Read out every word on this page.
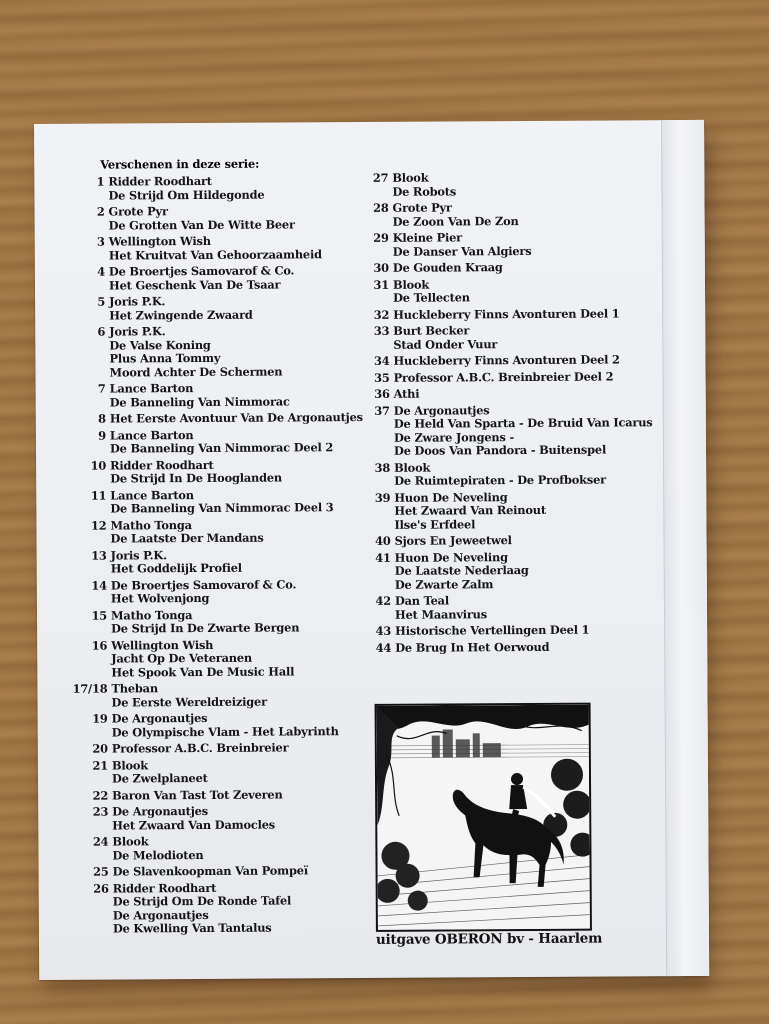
Verschenen in deze serie:
1 Ridder Roodhart
De Strijd Om Hildegonde
2 Grote Pyr
De Grotten Van De Witte Beer
3 Wellington Wish
Het Kruitvat Van Gehoorzaamheid
4 De Broertjes Samovarof & Co.
Het Geschenk Van De Tsaar
5 Joris P.K.
Het Zwingende Zwaard
6 Joris P.K.
De Valse Koning
Plus Anna Tommy
Moord Achter De Schermen
7 Lance Barton
De Banneling Van Nimmorac
8 Het Eerste Avontuur Van De Argonautjes
9 Lance Barton
De Banneling Van Nimmorac Deel 2
10 Ridder Roodhart
De Strijd In De Hooglanden
11 Lance Barton
De Banneling Van Nimmorac Deel 3
12 Matho Tonga
De Laatste Der Mandans
13 Joris P.K.
Het Goddelijk Profiel
14 De Broertjes Samovarof & Co.
Het Wolvenjong
15 Matho Tonga
De Strijd In De Zwarte Bergen
16 Wellington Wish
Jacht Op De Veteranen
Het Spook Van De Music Hall
17/18 Theban
De Eerste Wereldreiziger
19 De Argonautjes
De Olympische Vlam - Het Labyrinth
20 Professor A.B.C. Breinbreier
21 Blook
De Zwelplaneet
22 Baron Van Tast Tot Zeveren
23 De Argonautjes
Het Zwaard Van Damocles
24 Blook
De Melodioten
25 De Slavenkoopman Van Pompeï
26 Ridder Roodhart
De Strijd Om De Ronde Tafel
De Argonautjes
De Kwelling Van Tantalus
27 Blook
De Robots
28 Grote Pyr
De Zoon Van De Zon
29 Kleine Pier
De Danser Van Algiers
30 De Gouden Kraag
31 Blook
De Tellecten
32 Huckleberry Finns Avonturen Deel 1
33 Burt Becker
Stad Onder Vuur
34 Huckleberry Finns Avonturen Deel 2
35 Professor A.B.C. Breinbreier Deel 2
36 Athi
37 De Argonautjes
De Held Van Sparta - De Bruid Van Icarus
De Zware Jongens -
De Doos Van Pandora - Buitenspel
38 Blook
De Ruimtepiraten - De Profbokser
39 Huon De Neveling
Het Zwaard Van Reinout
Ilse's Erfdeel
40 Sjors En Jeweetwel
41 Huon De Neveling
De Laatste Nederlaag
De Zwarte Zalm
42 Dan Teal
Het Maanvirus
43 Historische Vertellingen Deel 1
44 De Brug In Het Oerwoud
uitgave OBERON bv - Haarlem
